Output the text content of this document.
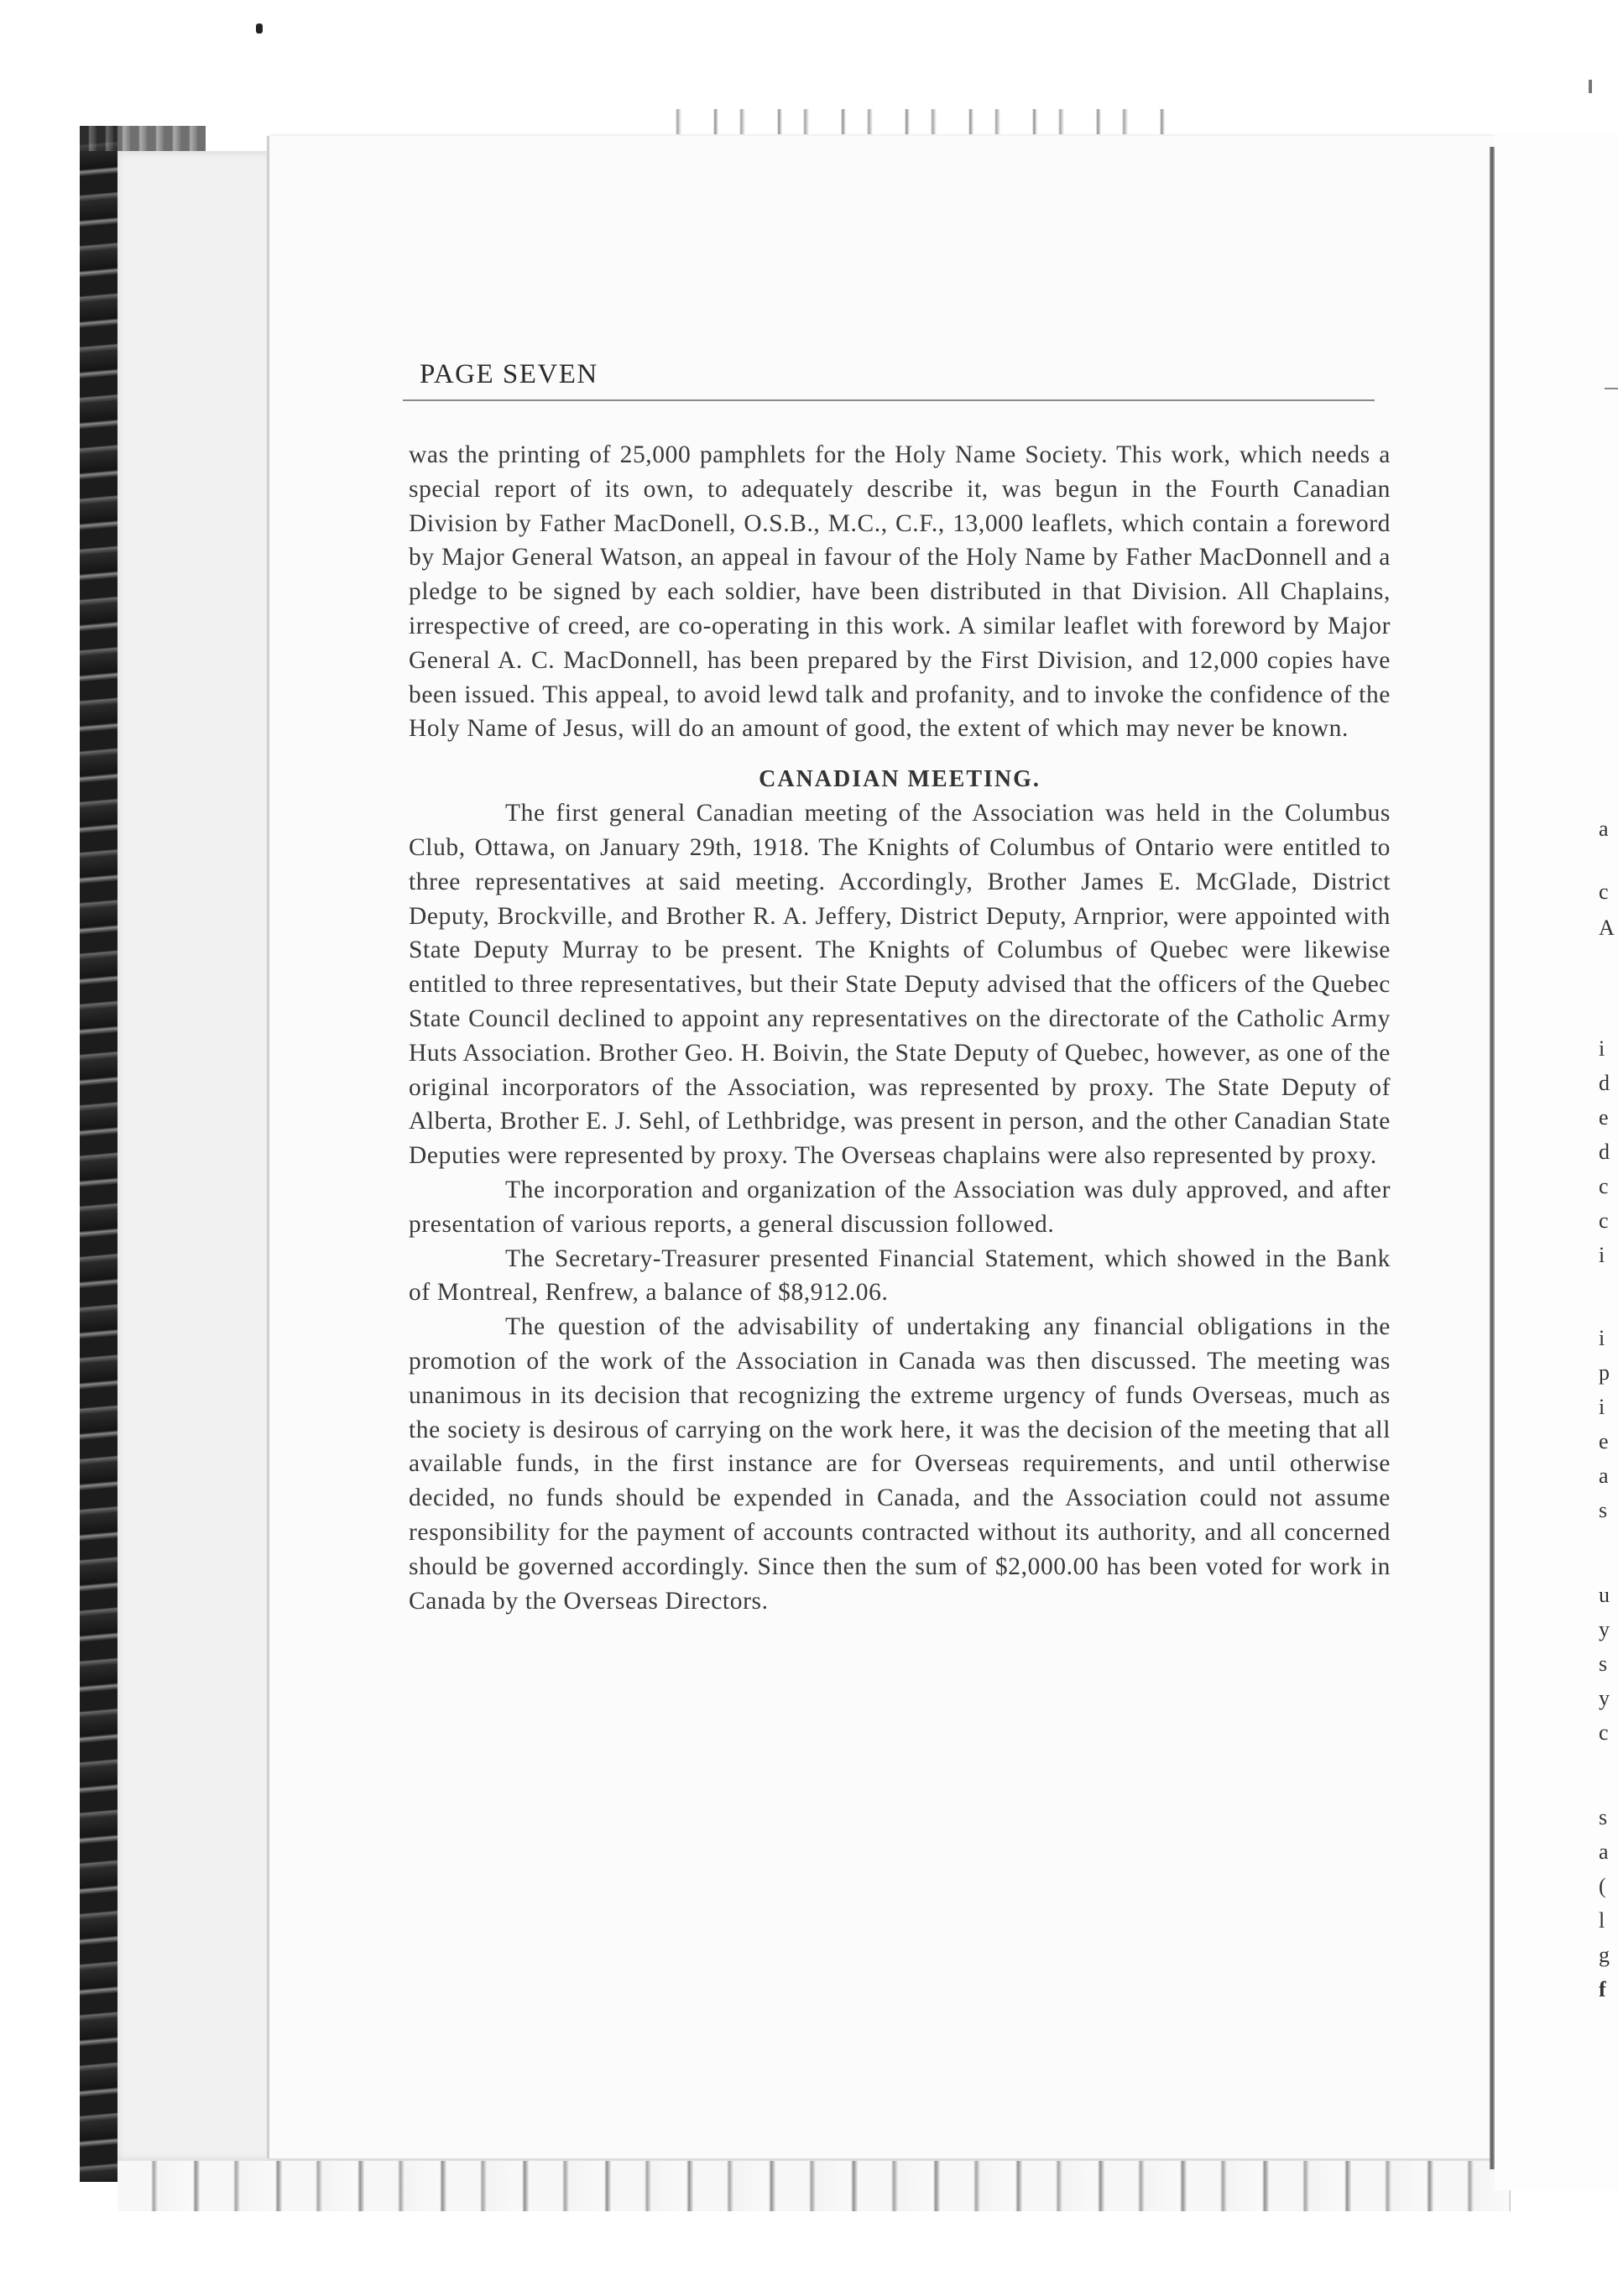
a
c
A
i
d
e
d
c
c
i
i
p
i
e
a
s
u
y
s
y
c
s
a
(
l
g
f
PAGE SEVEN

was the printing of 25,000 pamphlets for the Holy Name Society. This work, which needs a special report of its own, to adequately describe it, was begun in the Fourth Canadian Division by Father MacDonell, O.S.B., M.C., C.F., 13,000 leaflets, which contain a foreword by Major General Watson, an appeal in favour of the Holy Name by Father MacDonnell and a pledge to be signed by each soldier, have been distributed in that Division. All Chaplains, irrespective of creed, are co-operating in this work. A similar leaflet with foreword by Major General A. C. MacDonnell, has been prepared by the First Division, and 12,000 copies have been issued. This appeal, to avoid lewd talk and profanity, and to invoke the confidence of the Holy Name of Jesus, will do an amount of good, the extent of which may never be known.

CANADIAN MEETING.

The first general Canadian meeting of the Association was held in the Columbus Club, Ottawa, on January 29th, 1918. The Knights of Columbus of Ontario were entitled to three representatives at said meeting. Accordingly, Brother James E. McGlade, District Deputy, Brockville, and Brother R. A. Jeffery, District Deputy, Arnprior, were appointed with State Deputy Murray to be present. The Knights of Columbus of Quebec were likewise entitled to three representatives, but their State Deputy advised that the officers of the Quebec State Council declined to appoint any representatives on the directorate of the Catholic Army Huts Association. Brother Geo. H. Boivin, the State Deputy of Quebec, however, as one of the original incorporators of the Association, was represented by proxy. The State Deputy of Alberta, Brother E. J. Sehl, of Lethbridge, was present in person, and the other Canadian State Deputies were represented by proxy. The Overseas chaplains were also represented by proxy.

The incorporation and organization of the Association was duly approved, and after presentation of various reports, a general discussion followed.

The Secretary-Treasurer presented Financial Statement, which showed in the Bank of Montreal, Renfrew, a balance of $8,912.06.

The question of the advisability of undertaking any financial obligations in the promotion of the work of the Association in Canada was then discussed. The meeting was unanimous in its decision that recognizing the extreme urgency of funds Overseas, much as the society is desirous of carrying on the work here, it was the decision of the meeting that all available funds, in the first instance are for Overseas requirements, and until otherwise decided, no funds should be expended in Canada, and the Association could not assume responsibility for the payment of accounts contracted without its authority, and all concerned should be governed accordingly. Since then the sum of $2,000.00 has been voted for work in Canada by the Overseas Directors.
